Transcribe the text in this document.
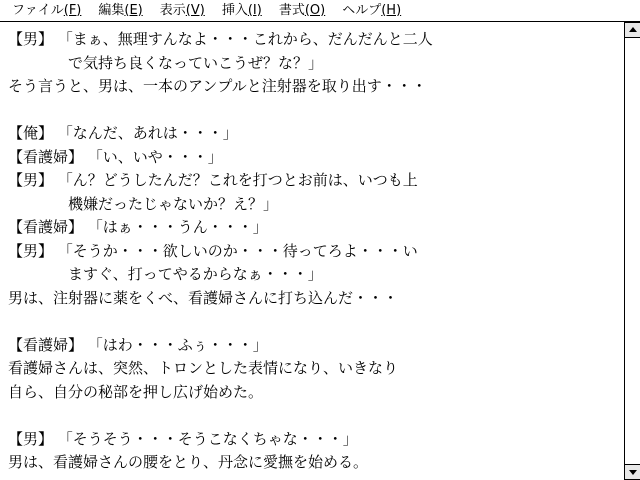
ファイル(F)	編集(E)	表示(V)	挿入(I)	書式(O)	ヘルプ(H)
【男】 「まぁ、無理すんなよ・・・これから、だんだんと二人
　　　　で気持ち良くなっていこうぜ？な？」
そう言うと、男は、一本のアンプルと注射器を取り出す・・・
【俺】 「なんだ、あれは・・・」
【看護婦】 「い、いや・・・」
【男】 「ん？どうしたんだ？これを打つとお前は、いつも上
　　　　機嫌だったじゃないか？え？」
【看護婦】 「はぁ・・・うん・・・」
【男】 「そうか・・・欲しいのか・・・待ってろよ・・・い
　　　　ますぐ、打ってやるからなぁ・・・」
男は、注射器に薬をくべ、看護婦さんに打ち込んだ・・・
【看護婦】 「はわ・・・ふぅ・・・」
看護婦さんは、突然、トロンとした表情になり、いきなり
自ら、自分の秘部を押し広げ始めた。
【男】 「そうそう・・・そうこなくちゃな・・・」
男は、看護婦さんの腰をとり、丹念に愛撫を始める。
